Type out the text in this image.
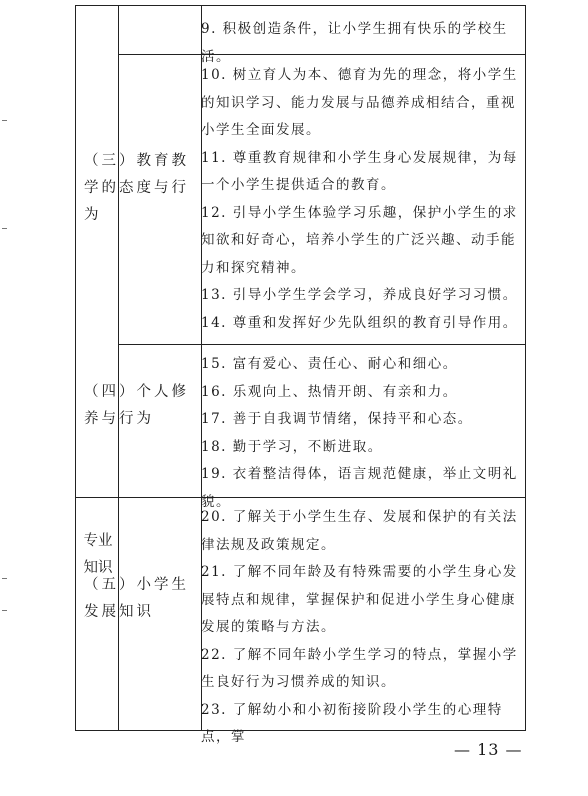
9. 积极创造条件，让小学生拥有快乐的学校生活。

（三）教育教学的态度与行为

10. 树立育人为本、德育为先的理念，将小学生的知识学习、能力发展与品德养成相结合，重视小学生全面发展。

11. 尊重教育规律和小学生身心发展规律，为每一个小学生提供适合的教育。

12. 引导小学生体验学习乐趣，保护小学生的求知欲和好奇心，培养小学生的广泛兴趣、动手能力和探究精神。

13. 引导小学生学会学习，养成良好学习习惯。

14. 尊重和发挥好少先队组织的教育引导作用。

（四）个人修养与行为

15. 富有爱心、责任心、耐心和细心。

16. 乐观向上、热情开朗、有亲和力。

17. 善于自我调节情绪，保持平和心态。

18. 勤于学习，不断进取。

19. 衣着整洁得体，语言规范健康，举止文明礼貌。

专业知识
（五）小学生发展知识

20. 了解关于小学生生存、发展和保护的有关法律法规及政策规定。

21. 了解不同年龄及有特殊需要的小学生身心发展特点和规律，掌握保护和促进小学生身心健康发展的策略与方法。

22. 了解不同年龄小学生学习的特点，掌握小学生良好行为习惯养成的知识。

23. 了解幼小和小初衔接阶段小学生的心理特点，掌

— 13 —
